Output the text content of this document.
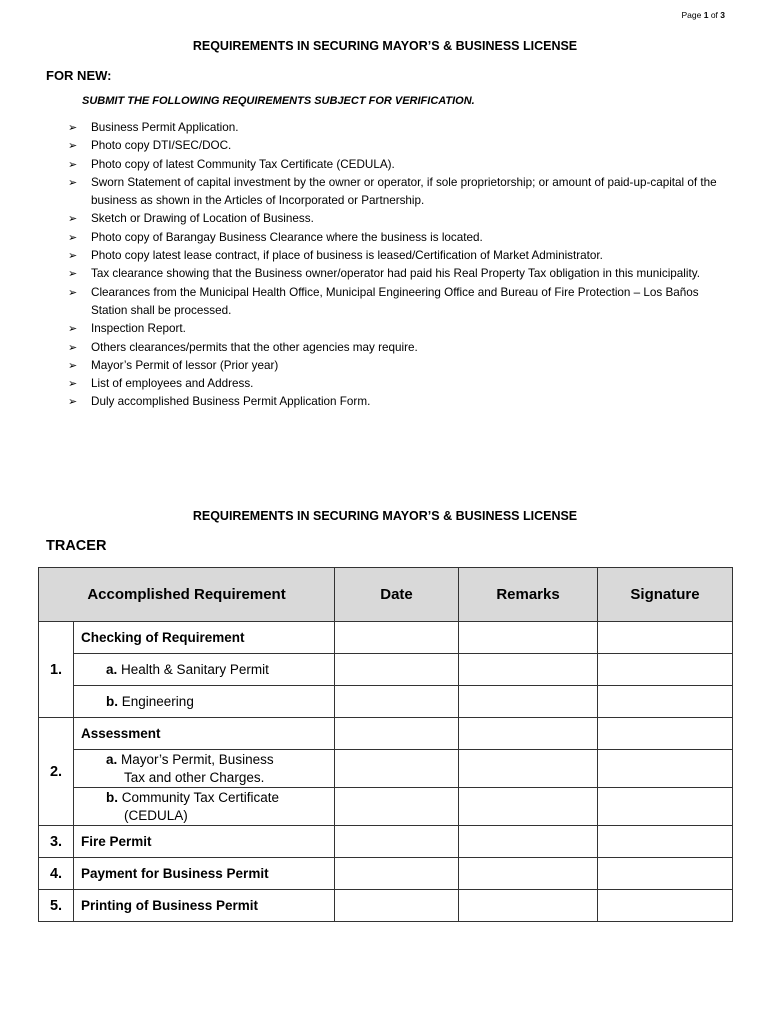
Page 1 of 3
REQUIREMENTS IN SECURING MAYOR’S & BUSINESS LICENSE
FOR NEW:
SUBMIT THE FOLLOWING REQUIREMENTS SUBJECT FOR VERIFICATION.
➢ Business Permit Application.
➢ Photo copy DTI/SEC/DOC.
➢ Photo copy of latest Community Tax Certificate (CEDULA).
➢ Sworn Statement of capital investment by the owner or operator, if sole proprietorship; or amount of paid-up-capital of the business as shown in the Articles of Incorporated or Partnership.
➢ Sketch or Drawing of Location of Business.
➢ Photo copy of Barangay Business Clearance where the business is located.
➢ Photo copy latest lease contract, if place of business is leased/Certification of Market Administrator.
➢ Tax clearance showing that the Business owner/operator had paid his Real Property Tax obligation in this municipality.
➢ Clearances from the Municipal Health Office, Municipal Engineering Office and Bureau of Fire Protection – Los Baños Station shall be processed.
➢ Inspection Report.
➢ Others clearances/permits that the other agencies may require.
➢ Mayor’s Permit of lessor (Prior year)
➢ List of employees and Address.
➢ Duly accomplished Business Permit Application Form.
REQUIREMENTS IN SECURING MAYOR’S & BUSINESS LICENSE
TRACER
Accomplished Requirement		Date	Remarks	Signature
1.	Checking of Requirement			
	a. Health & Sanitary Permit			
	b. Engineering			
2.	Assessment			
	a. Mayor’s Permit, Business
Tax and other Charges.			

	b. Community Tax Certificate
(CEDULA)			

3.	Fire Permit			
4.	Payment for Business Permit			
5.	Printing of Business Permit			
